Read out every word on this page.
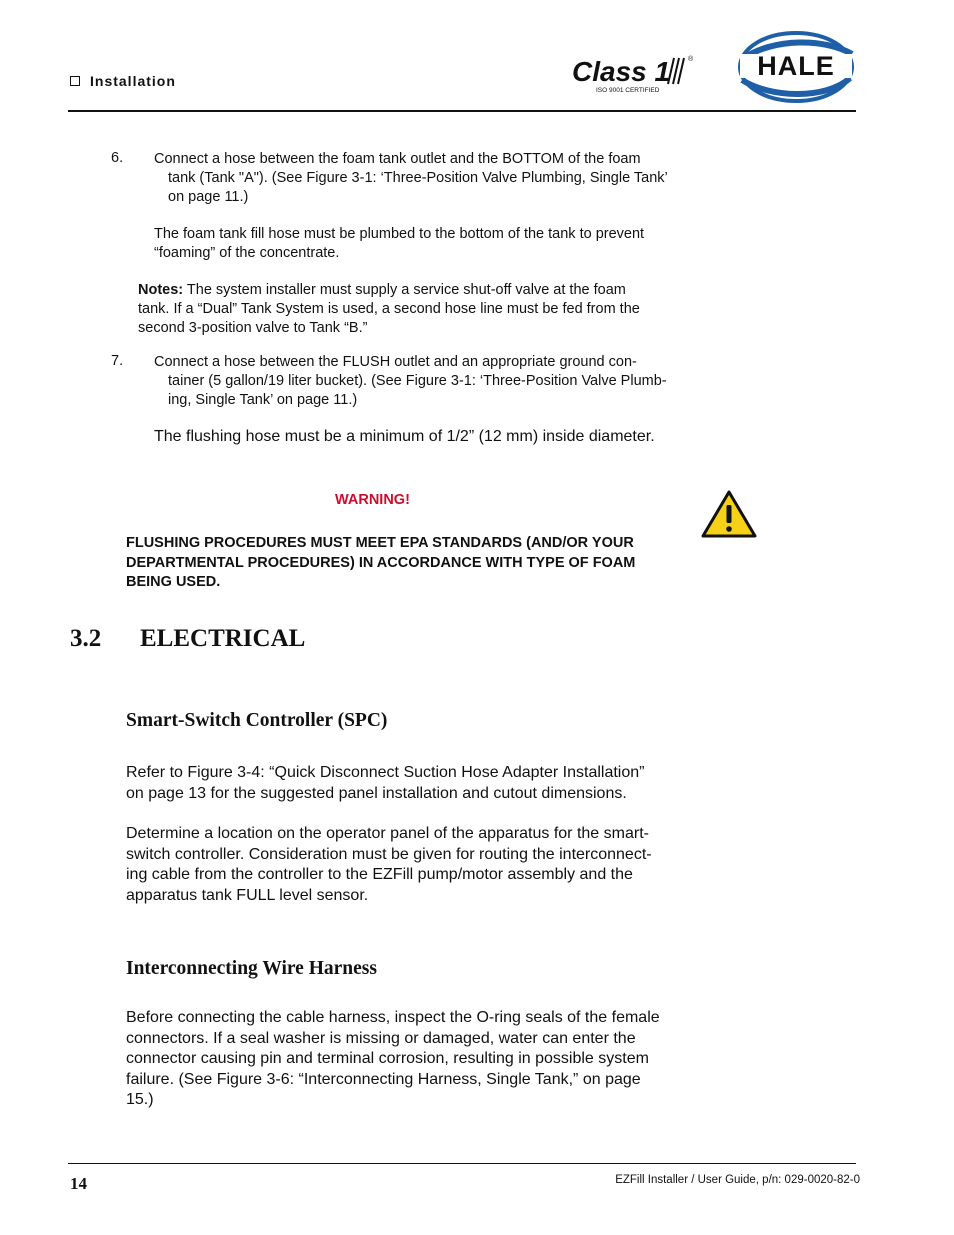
Installation	Class 1	®
ISO 9001 CERTIFIED
HALE
6. Connect a hose between the foam tank outlet and the BOTTOM of the foam
tank (Tank "A"). (See Figure 3-1: ‘Three-Position Valve Plumbing, Single Tank’
on page 11.)
The foam tank fill hose must be plumbed to the bottom of the tank to prevent
“foaming” of the concentrate.
Notes: The system installer must supply a service shut-off valve at the foam
tank. If a “Dual” Tank System is used, a second hose line must be fed from the
second 3-position valve to Tank “B.”
7. Connect a hose between the FLUSH outlet and an appropriate ground con-
tainer (5 gallon/19 liter bucket). (See Figure 3-1: ‘Three-Position Valve Plumb-
ing, Single Tank’ on page 11.)
The flushing hose must be a minimum of 1/2” (12 mm) inside diameter.
WARNING!
FLUSHING PROCEDURES MUST MEET EPA STANDARDS (AND/OR YOUR
DEPARTMENTAL PROCEDURES) IN ACCORDANCE WITH TYPE OF FOAM
BEING USED.
3.2 ELECTRICAL
Smart-Switch Controller (SPC)
Refer to Figure 3-4: “Quick Disconnect Suction Hose Adapter Installation”
on page 13 for the suggested panel installation and cutout dimensions.
Determine a location on the operator panel of the apparatus for the smart-
switch controller. Consideration must be given for routing the interconnect-
ing cable from the controller to the EZFill pump/motor assembly and the
apparatus tank FULL level sensor.
Interconnecting Wire Harness
Before connecting the cable harness, inspect the O-ring seals of the female
connectors. If a seal washer is missing or damaged, water can enter the
connector causing pin and terminal corrosion, resulting in possible system
failure. (See Figure 3-6: “Interconnecting Harness, Single Tank,” on page
15.)
14	EZFill Installer / User Guide, p/n: 029-0020-82-0
